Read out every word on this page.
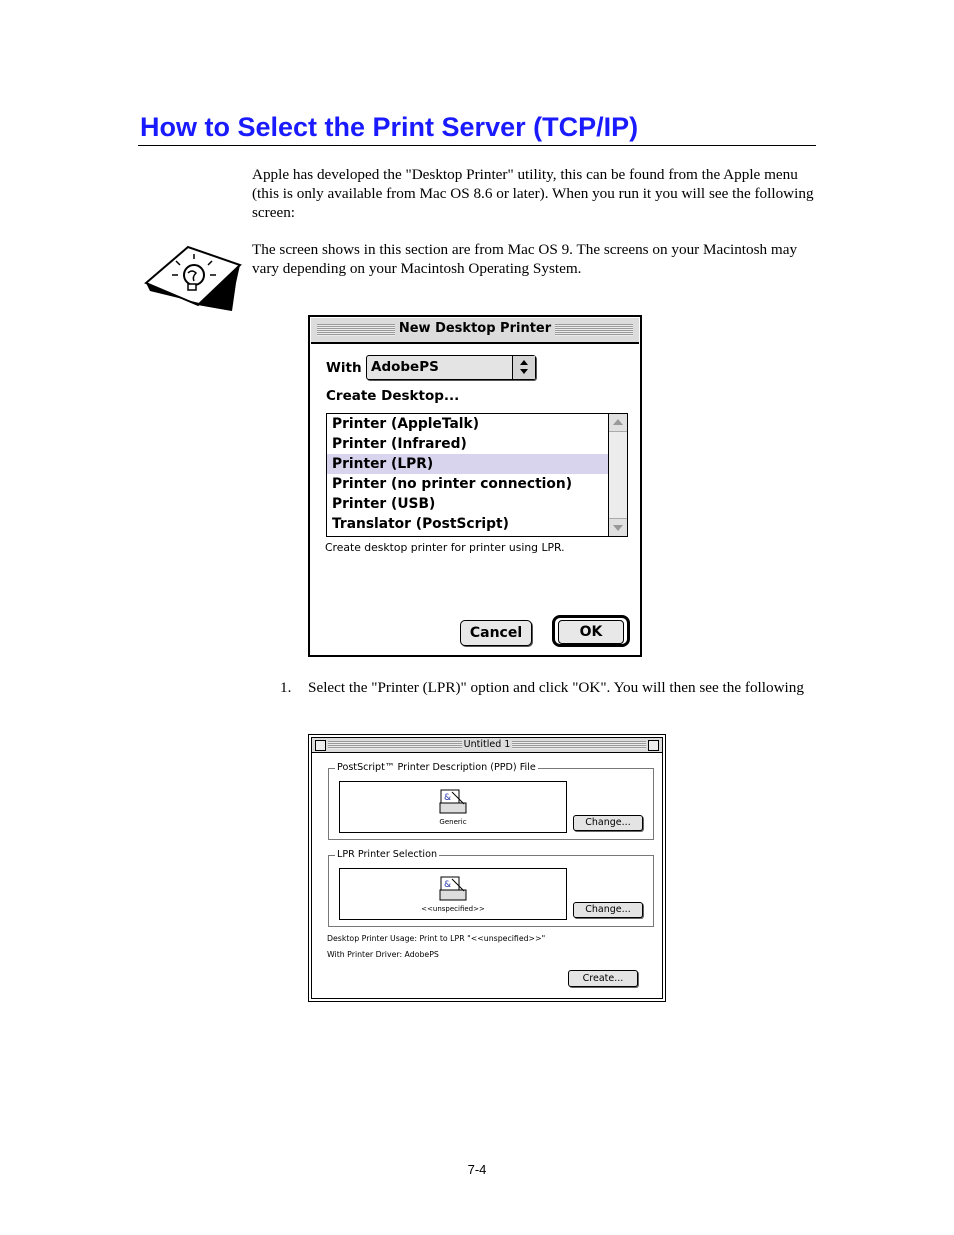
How to Select the Print Server (TCP/IP)

Apple has developed the "Desktop Printer" utility, this can be found from the Apple menu (this is only available from Mac OS 8.6 or later). When you run it you will see the following screen:

The screen shows in this section are from Mac OS 9. The screens on your Macintosh may vary depending on your Macintosh Operating System.

New Desktop Printer
With AdobePS
Create Desktop...
Printer (AppleTalk)
Printer (Infrared)
Printer (LPR)
Printer (no printer connection)
Printer (USB)
Translator (PostScript)
Create desktop printer for printer using LPR.
Cancel	OK
1. Select the "Printer (LPR)" option and click "OK". You will then see the following
Untitled 1
PostScript™ Printer Description (PPD) File
&
Generic	Change...
LPR Printer Selection
&
<<unspecified>>	Change...
Desktop Printer Usage: Print to LPR "<<unspecified>>"
With Printer Driver: AdobePS
Create...
7-4
